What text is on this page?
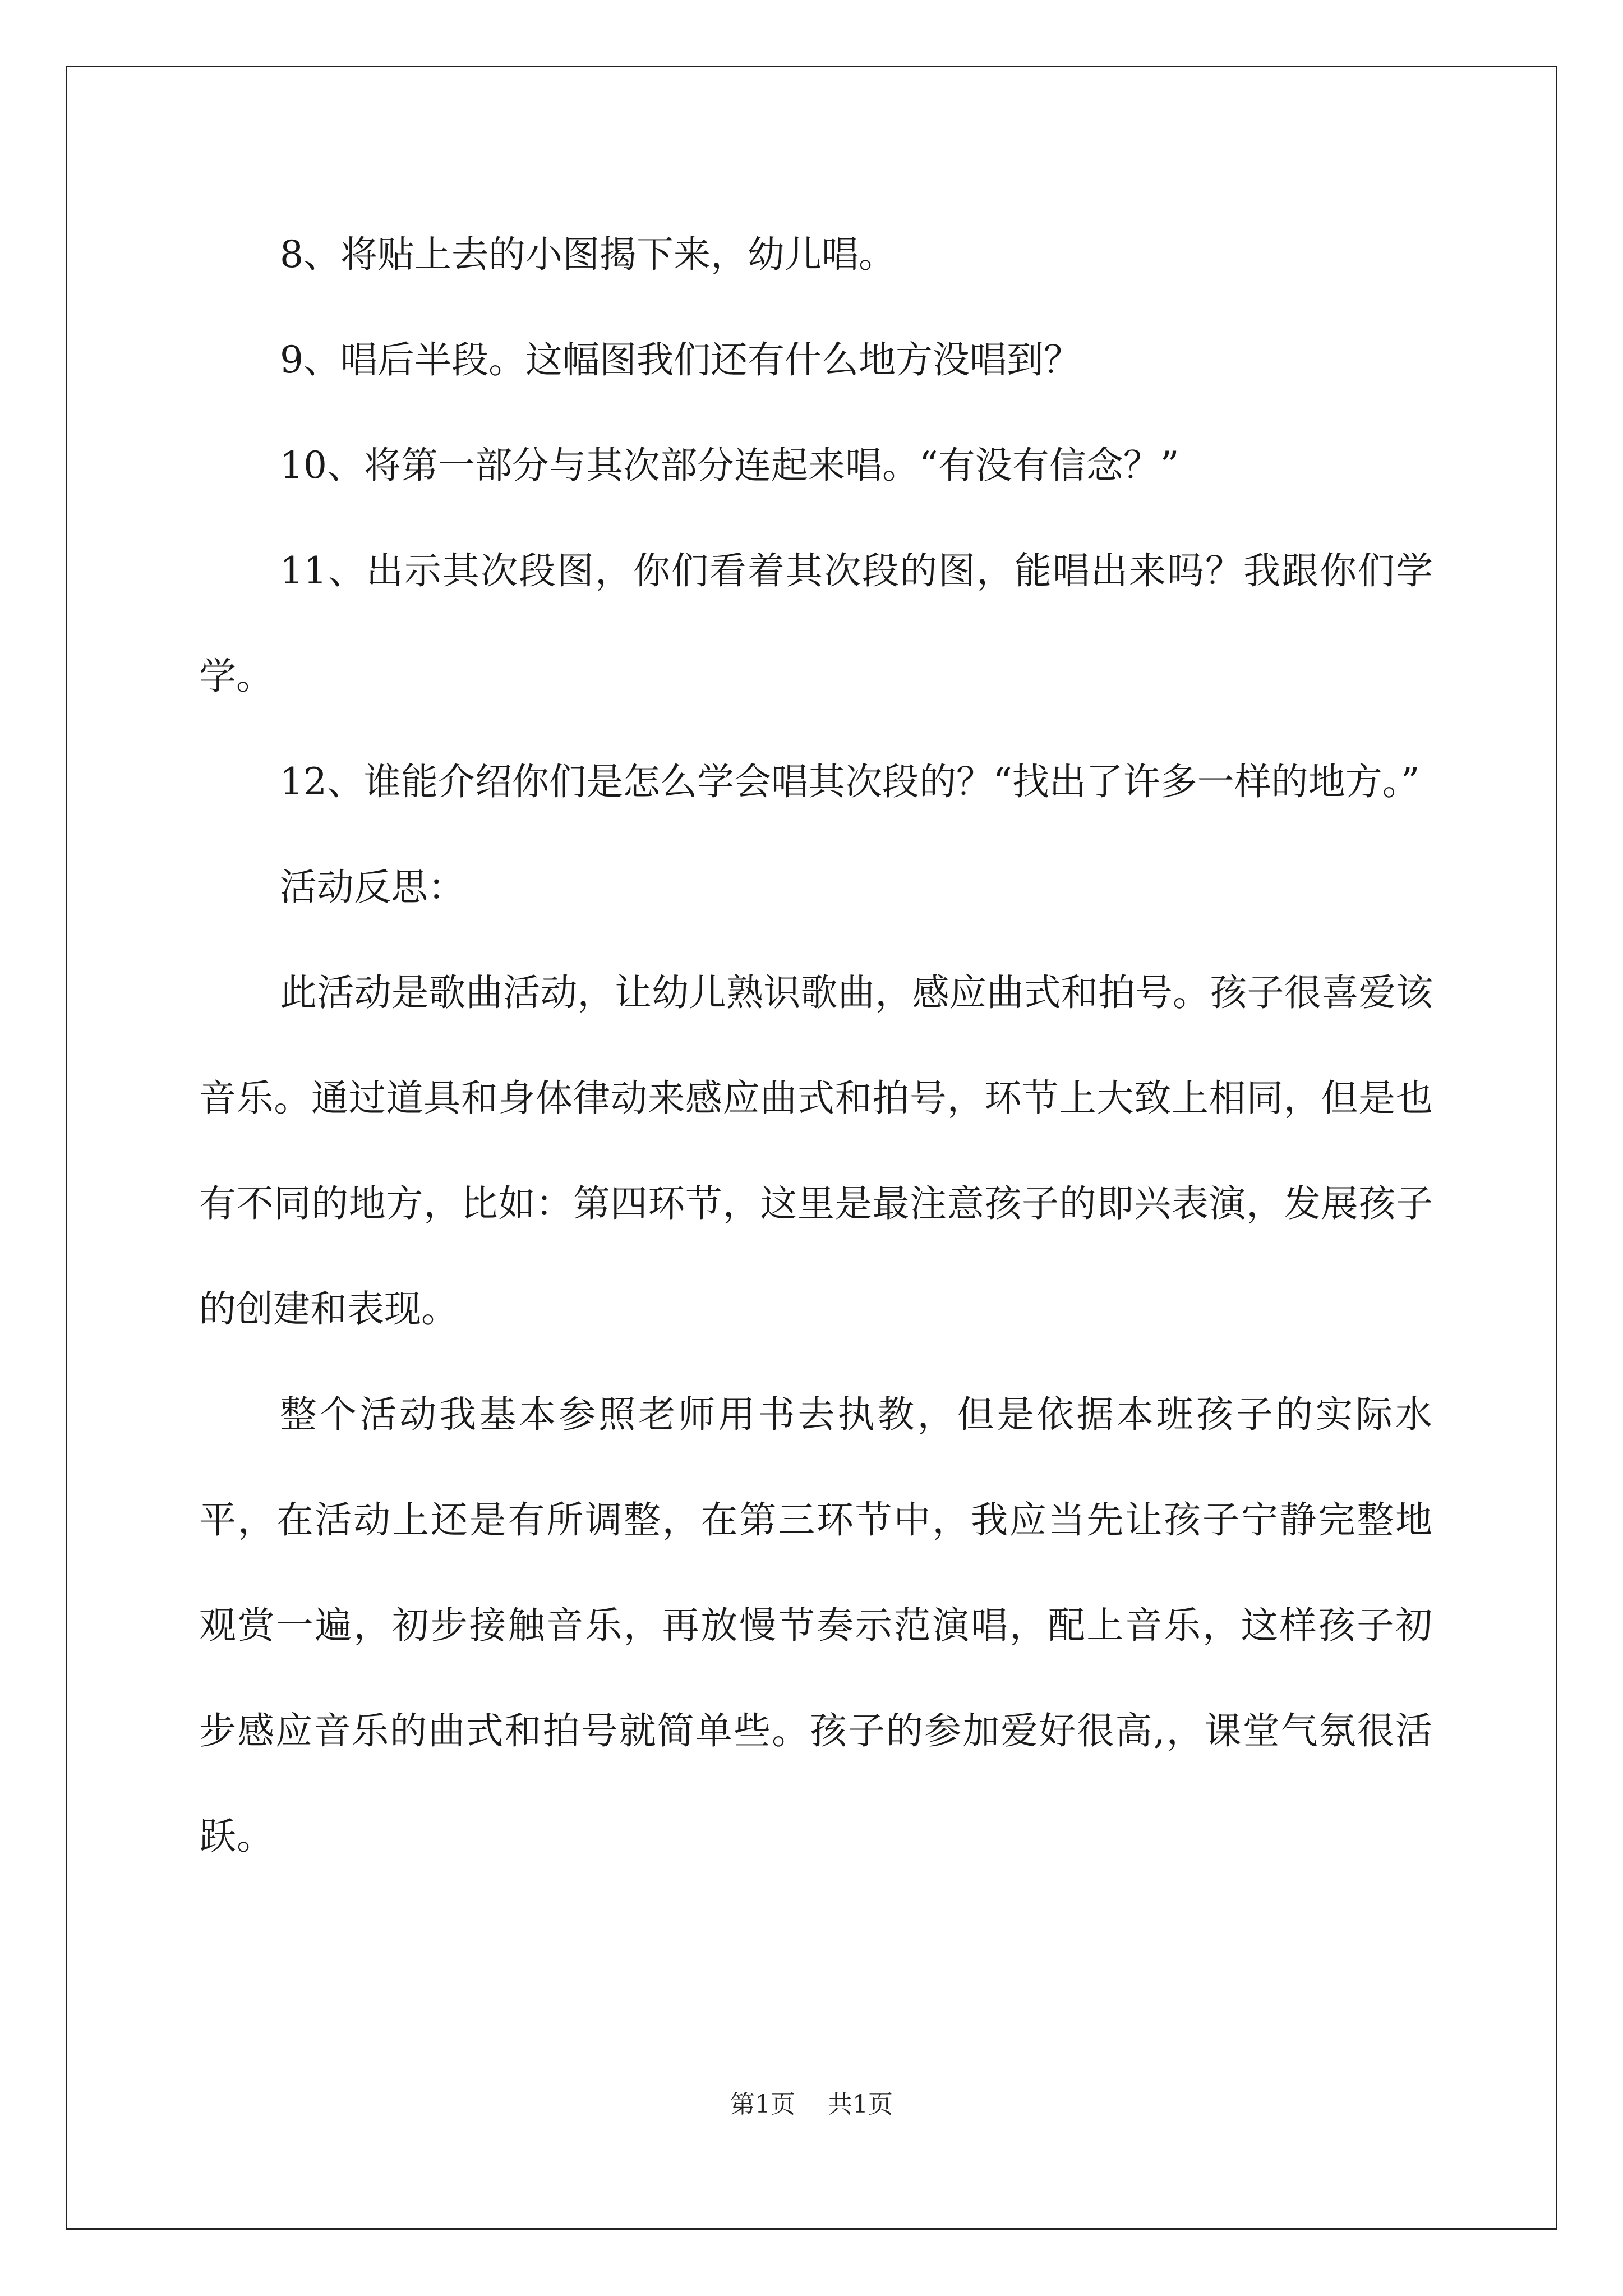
8、将贴上去的小图揭下来，幼儿唱。

9、唱后半段。这幅图我们还有什么地方没唱到？

10、将第一部分与其次部分连起来唱。“有没有信念？”

11、出示其次段图，你们看着其次段的图，能唱出来吗？我跟你们学学。

12、谁能介绍你们是怎么学会唱其次段的？“找出了许多一样的地方。”

活动反思：

此活动是歌曲活动，让幼儿熟识歌曲，感应曲式和拍号。孩子很喜爱该音乐。通过道具和身体律动来感应曲式和拍号，环节上大致上相同，但是也有不同的地方，比如：第四环节，这里是最注意孩子的即兴表演，发展孩子的创建和表现。

整个活动我基本参照老师用书去执教，但是依据本班孩子的实际水平，在活动上还是有所调整，在第三环节中，我应当先让孩子宁静完整地观赏一遍，初步接触音乐，再放慢节奏示范演唱，配上音乐，这样孩子初步感应音乐的曲式和拍号就简单些。孩子的参加爱好很高,，课堂气氛很活跃。

第1页 共1页
